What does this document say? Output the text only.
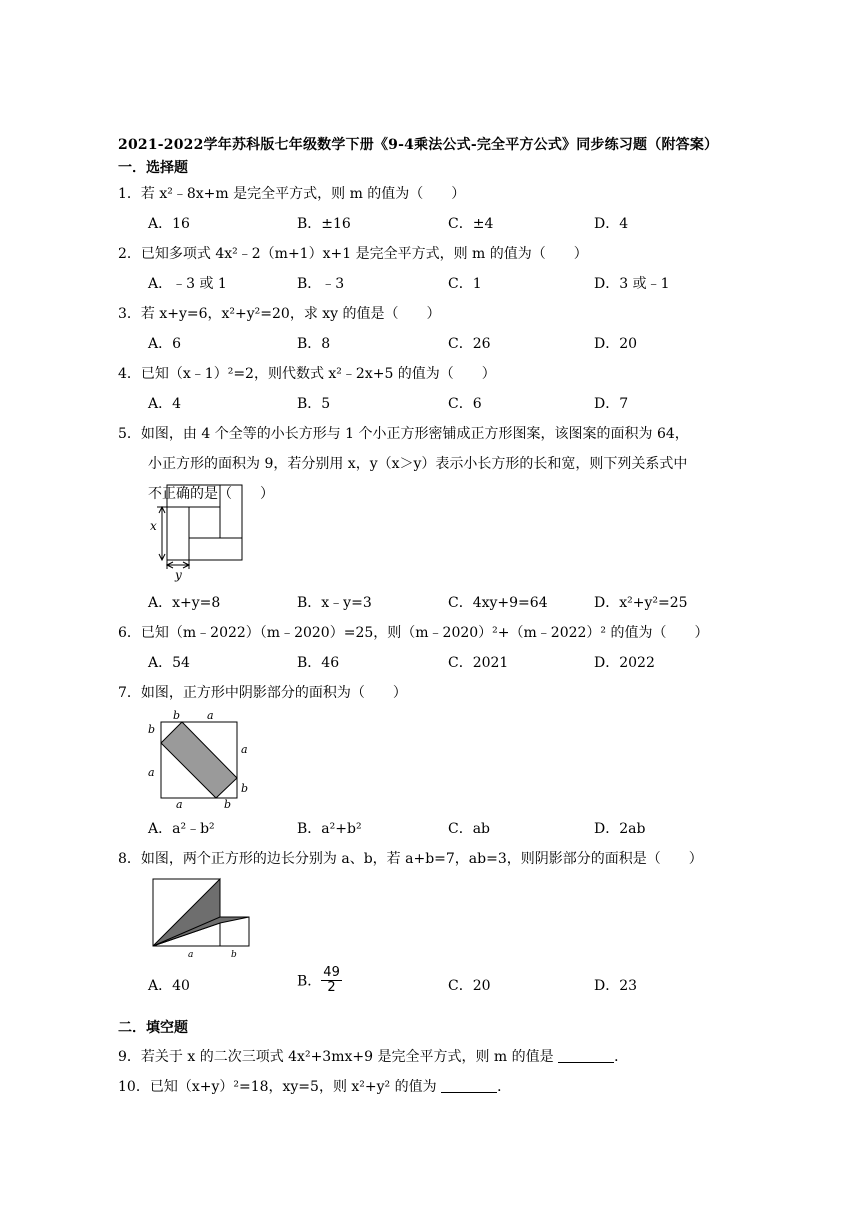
2021-2022学年苏科版七年级数学下册《9-4乘法公式-完全平方公式》同步练习题（附答案）
一．选择题
1．若 x²﹣8x+m 是完全平方式，则 m 的值为（　　）
A．16	B．±16	C．±4	D．4
2．已知多项式 4x²﹣2（m+1）x+1 是完全平方式，则 m 的值为（　　）
A．﹣3 或 1	B．﹣3	C．1	D．3 或﹣1
3．若 x+y=6，x²+y²=20，求 xy 的值是（　　）
A．6	B．8	C．26	D．20
4．已知（x﹣1）²=2，则代数式 x²﹣2x+5 的值为（　　）
A．4	B．5	C．6	D．7
5．如图，由 4 个全等的小长方形与 1 个小正方形密铺成正方形图案，该图案的面积为 64，
小正方形的面积为 9，若分别用 x，y（x＞y）表示小长方形的长和宽，则下列关系式中
不正确的是（　　）
x
y
A．x+y=8	B．x﹣y=3	C．4xy+9=64	D．x²+y²=25
6．已知（m﹣2022）（m﹣2020）=25，则（m﹣2020）²+（m﹣2022）² 的值为（　　）
A．54	B．46	C．2021	D．2022
7．如图，正方形中阴影部分的面积为（　　）
b a
b
a
a
b
a	b
A．a²﹣b²	B．a²+b²	C．ab	D．2ab
8．如图，两个正方形的边长分别为 a、b，若 a+b=7，ab=3，则阴影部分的面积是（　　）
a	b
A．40	B． $\frac{49}{2}$	C．20	D．23
二．填空题
9．若关于 x 的二次三项式 4x²+3mx+9 是完全平方式，则 m 的值是	．
10．已知（x+y）²=18，xy=5，则 x²+y² 的值为	．
